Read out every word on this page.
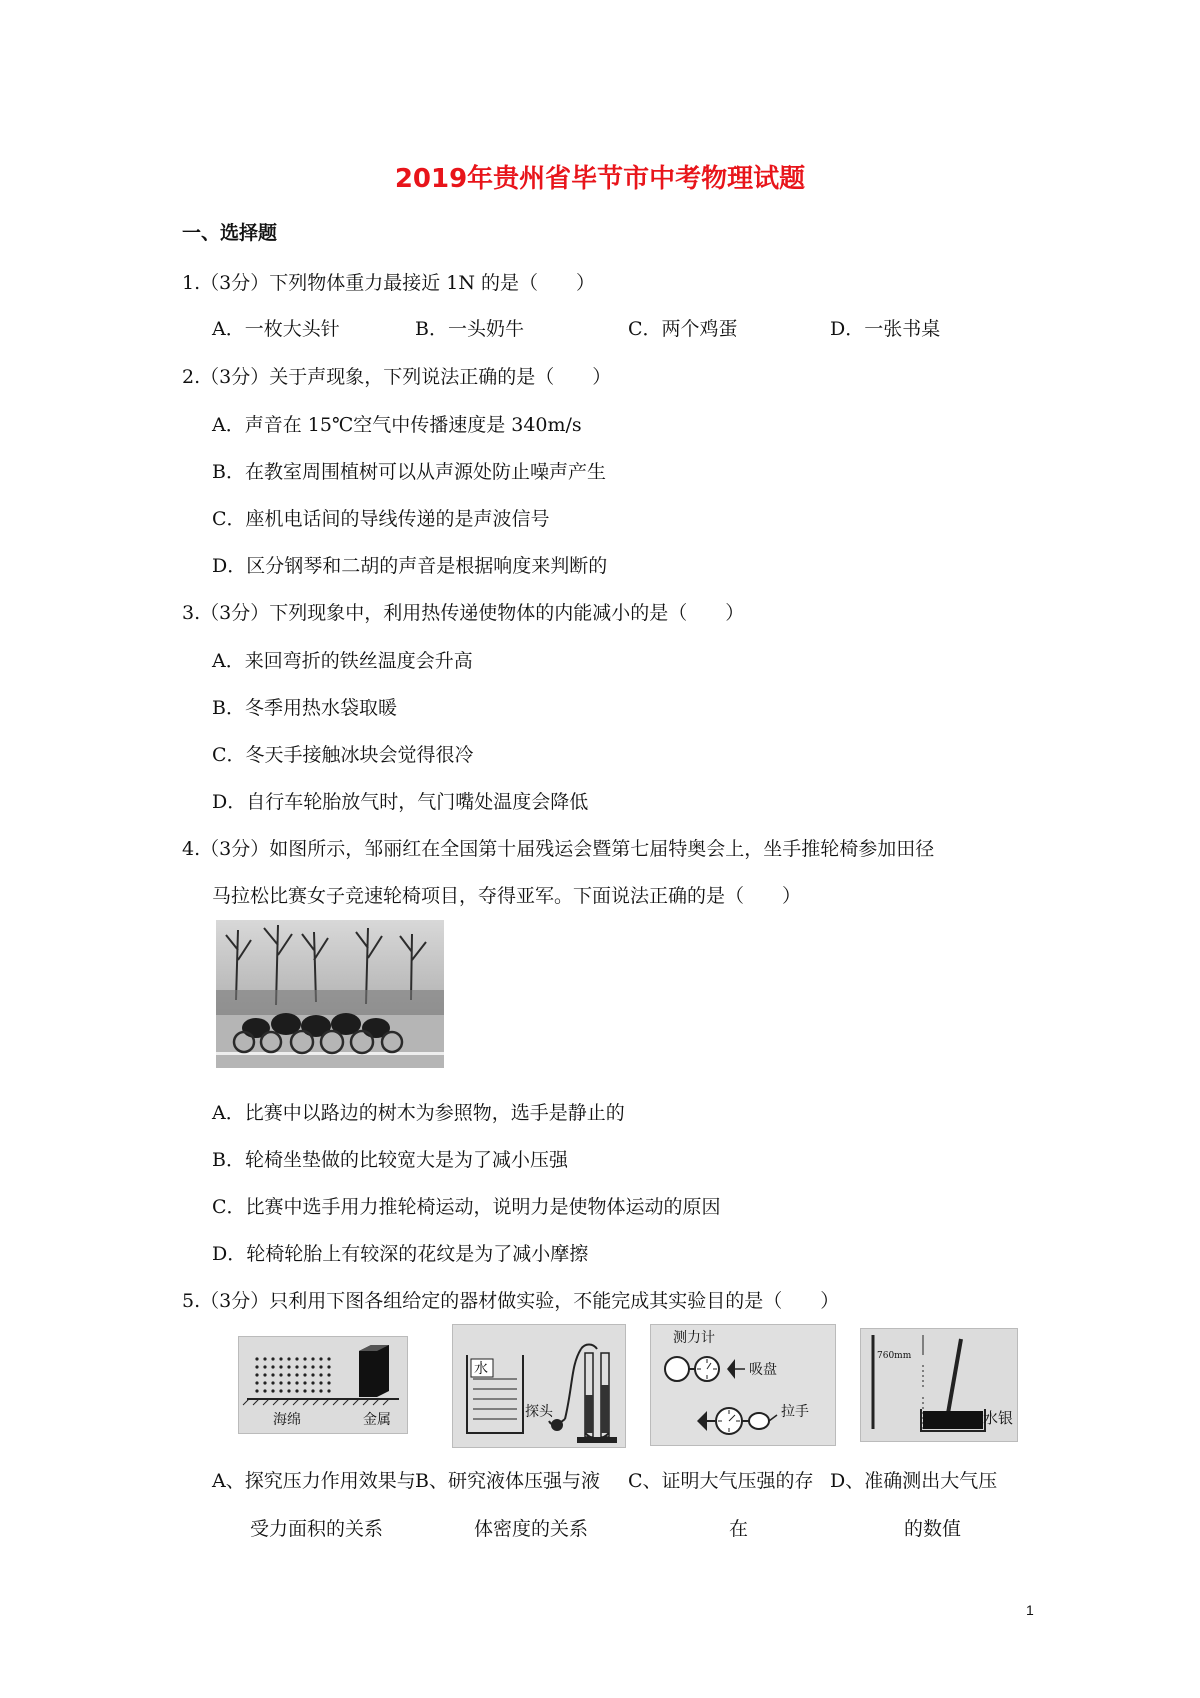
2019年贵州省毕节市中考物理试题
一、选择题
1.（3分）下列物体重力最接近 1N 的是（　　）
A．一枚大头针	B．一头奶牛	C．两个鸡蛋	D．一张书桌
2.（3分）关于声现象，下列说法正确的是（　　）
A．声音在 15℃空气中传播速度是 340m/s
B．在教室周围植树可以从声源处防止噪声产生
C．座机电话间的导线传递的是声波信号
D．区分钢琴和二胡的声音是根据响度来判断的
3.（3分）下列现象中，利用热传递使物体的内能减小的是（　　）
A．来回弯折的铁丝温度会升高
B．冬季用热水袋取暖
C．冬天手接触冰块会觉得很冷
D．自行车轮胎放气时，气门嘴处温度会降低
4.（3分）如图所示，邹丽红在全国第十届残运会暨第七届特奥会上，坐手推轮椅参加田径
马拉松比赛女子竞速轮椅项目，夺得亚军。下面说法正确的是（　　）
A．比赛中以路边的树木为参照物，选手是静止的
B．轮椅坐垫做的比较宽大是为了减小压强
C．比赛中选手用力推轮椅运动，说明力是使物体运动的原因
D．轮椅轮胎上有较深的花纹是为了减小摩擦
5.（3分）只利用下图各组给定的器材做实验，不能完成其实验目的是（　　）
海绵	金属
水
探头
测力计
吸盘
拉手
760mm
水银
A、探究压力作用效果与
受力面积的关系
B、研究液体压强与液
体密度的关系
C、证明大气压强的存
在
D、准确测出大气压
的数值
1
